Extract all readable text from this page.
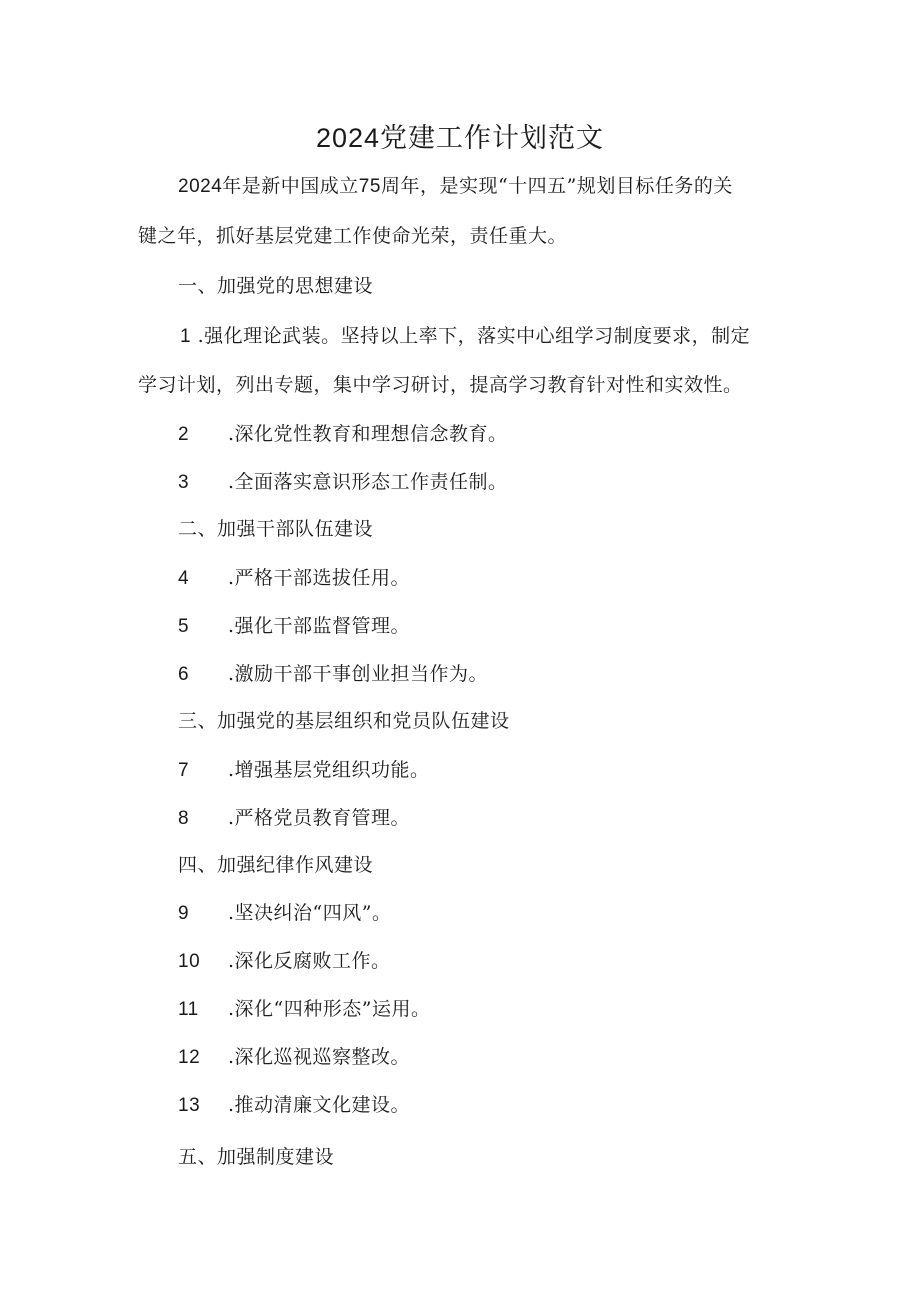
2024党建工作计划范文
2024年是新中国成立75周年，是实现“十四五”规划目标任务的关
键之年，抓好基层党建工作使命光荣，责任重大。
一、加强党的思想建设
1 .强化理论武装。坚持以上率下，落实中心组学习制度要求，制定
学习计划，列出专题，集中学习研讨，提高学习教育针对性和实效性。
2 .深化党性教育和理想信念教育。
3 .全面落实意识形态工作责任制。
二、加强干部队伍建设
4 .严格干部选拔任用。
5 .强化干部监督管理。
6 .激励干部干事创业担当作为。
三、加强党的基层组织和党员队伍建设
7 .增强基层党组织功能。
8 .严格党员教育管理。
四、加强纪律作风建设
9 .坚决纠治“四风”。
10 .深化反腐败工作。
11 .深化“四种形态”运用。
12 .深化巡视巡察整改。
13 .推动清廉文化建设。
五、加强制度建设
